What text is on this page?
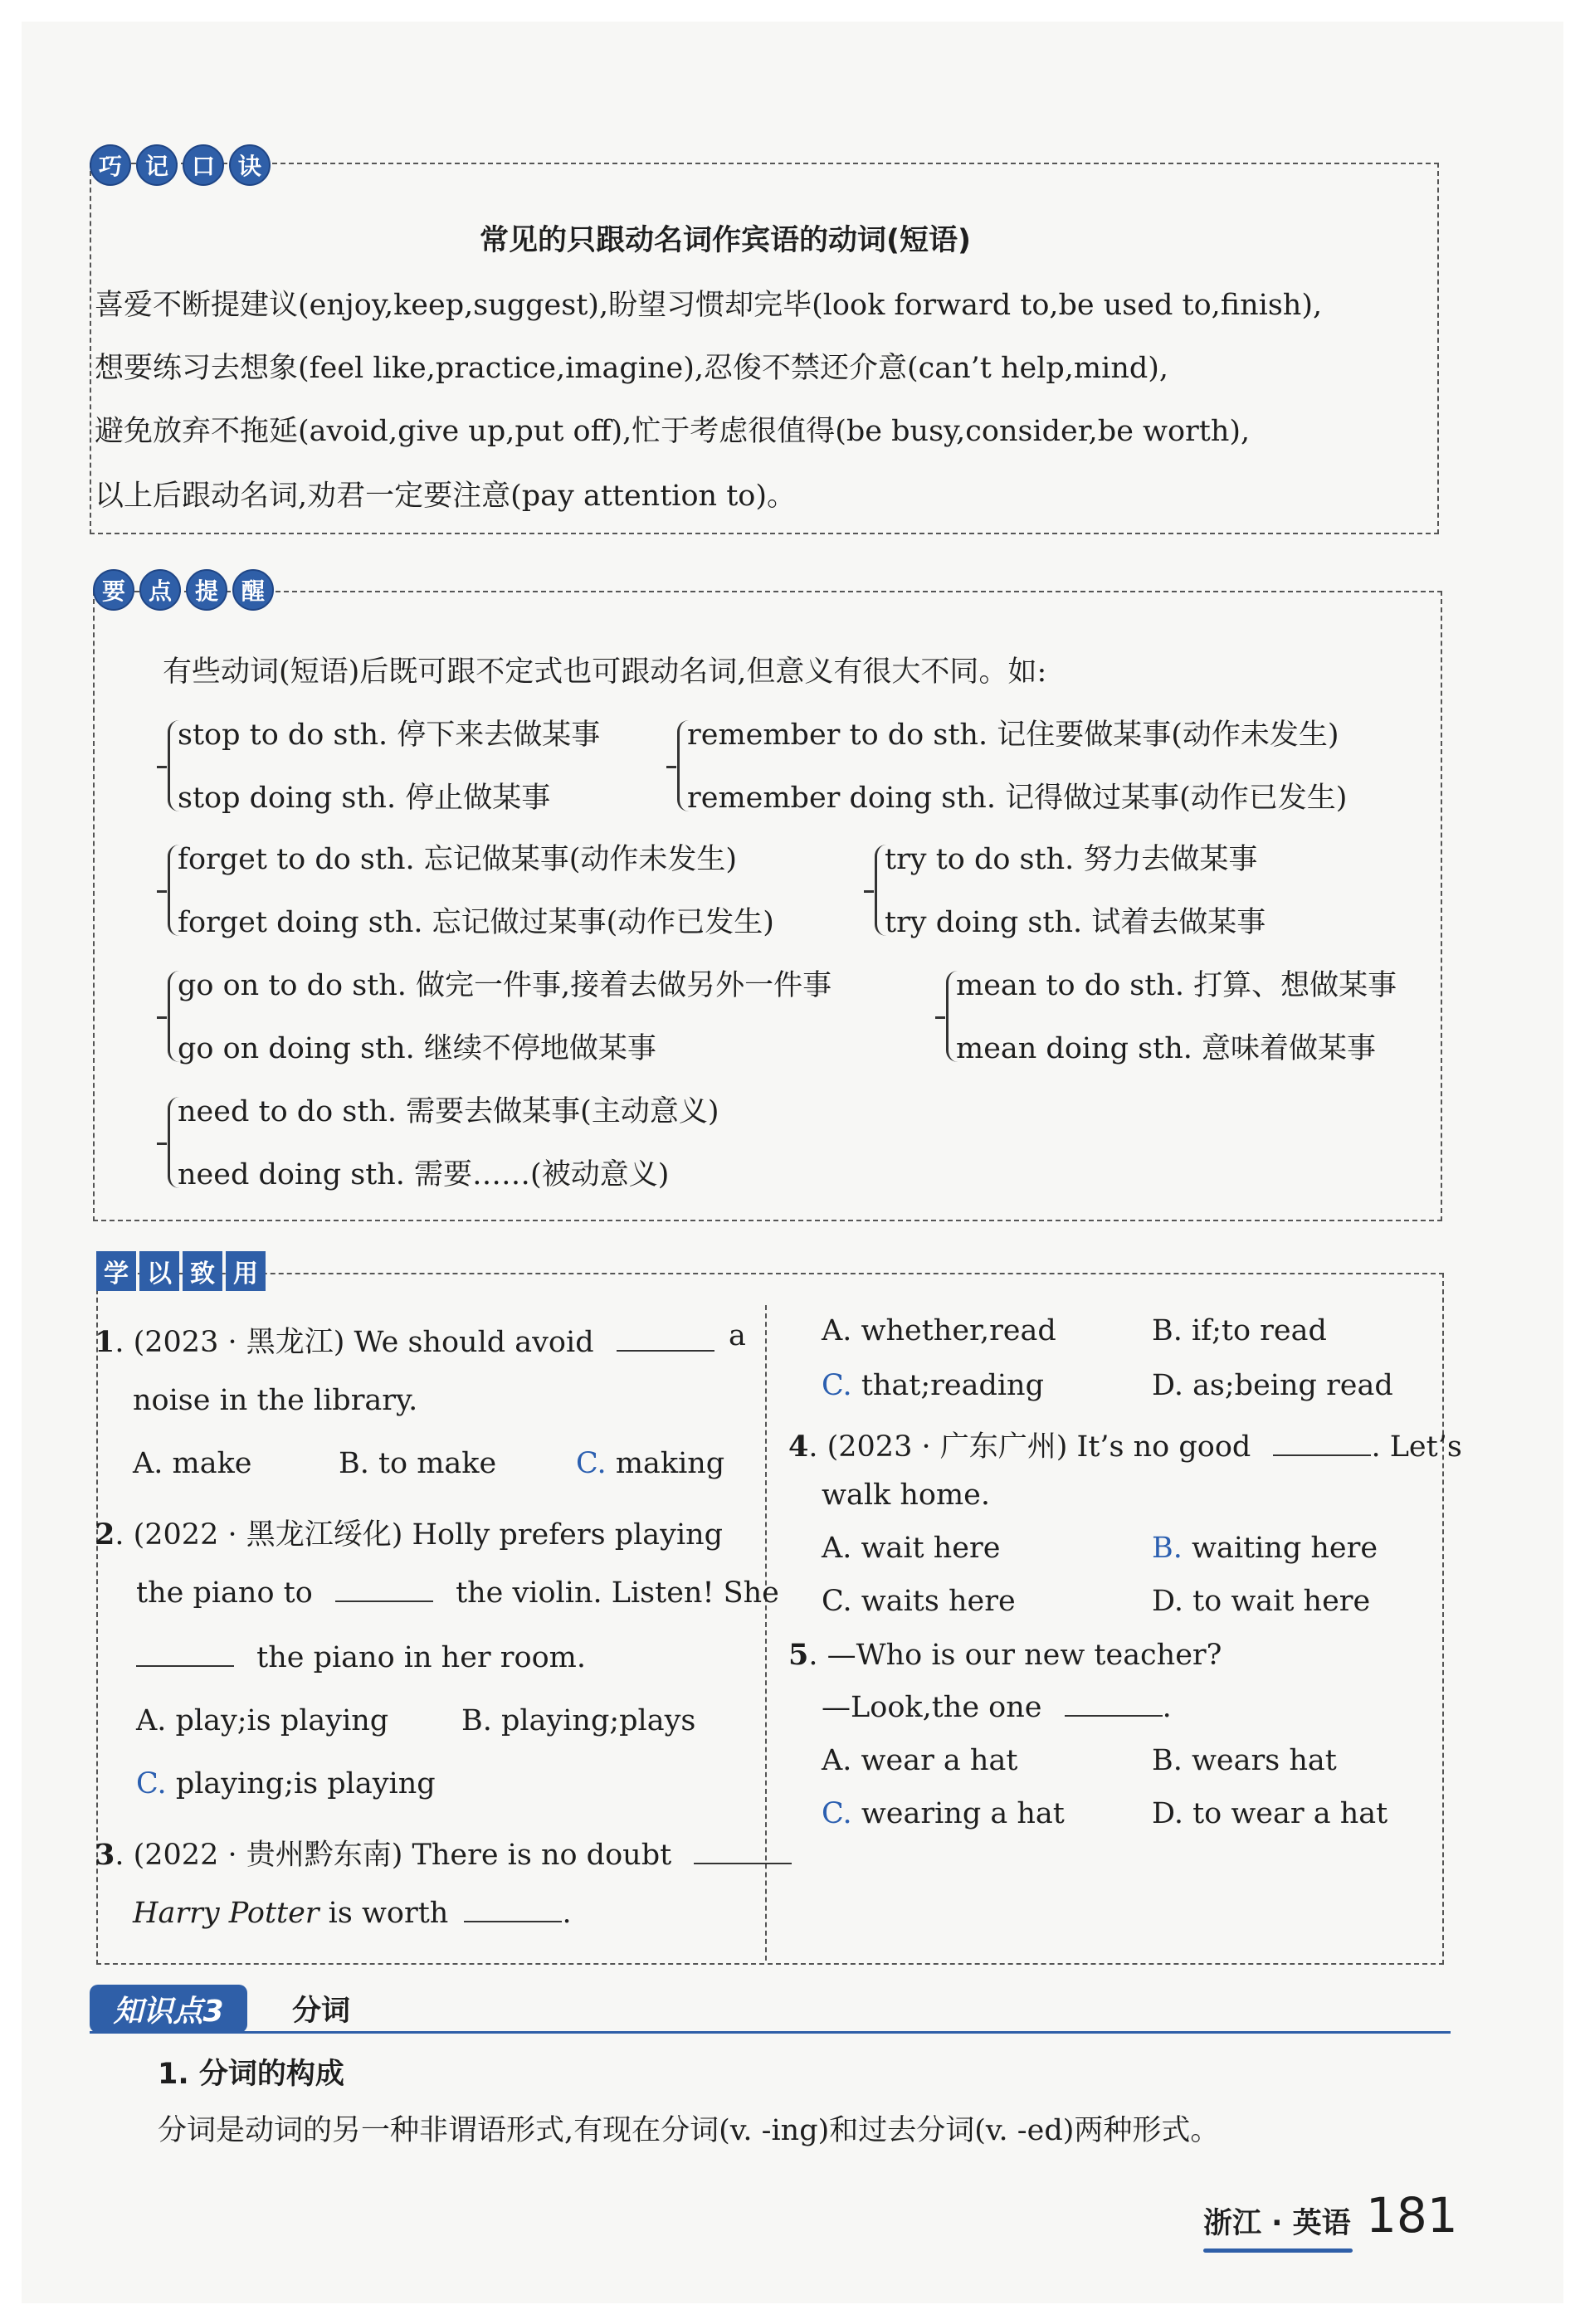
巧 记 口 诀
常见的只跟动名词作宾语的动词(短语)
喜爱不断提建议(enjoy,keep,suggest),盼望习惯却完毕(look forward to,be used to,finish),
想要练习去想象(feel like,practice,imagine),忍俊不禁还介意(can’t help,mind),
避免放弃不拖延(avoid,give up,put off),忙于考虑很值得(be busy,consider,be worth),
以上后跟动名词,劝君一定要注意(pay attention to)。
要 点 提 醒
有些动词(短语)后既可跟不定式也可跟动名词,但意义有很大不同。如:
stop to do sth. 停下来去做某事
stop doing sth. 停止做某事
remember to do sth. 记住要做某事(动作未发生)
remember doing sth. 记得做过某事(动作已发生)
forget to do sth. 忘记做某事(动作未发生)
forget doing sth. 忘记做过某事(动作已发生)
try to do sth. 努力去做某事
try doing sth. 试着去做某事
go on to do sth. 做完一件事,接着去做另外一件事
go on doing sth. 继续不停地做某事
mean to do sth. 打算、想做某事
mean doing sth. 意味着做某事
need to do sth. 需要去做某事(主动意义)
need doing sth. 需要……(被动意义)
学 以 致 用
1. (2023 · 黑龙江) We should avoid	a
noise in the library.
A. make	B. to make	C. making
2. (2022 · 黑龙江绥化) Holly prefers playing
the piano to	the violin. Listen! She
the piano in her room.
A. play;is playing	B. playing;plays
C. playing;is playing
3. (2022 · 贵州黔东南) There is no doubt
Harry Potter is worth	.
A. whether,read	B. if;to read
C. that;reading	D. as;being read
4. (2023 · 广东广州) It’s no good	. Let’s
walk home.
A. wait here	B. waiting here
C. waits here	D. to wait here
5. —Who is our new teacher?
—Look,the one	.
A. wear a hat	B. wears hat
C. wearing a hat	D. to wear a hat
知识点3	分词
1. 分词的构成
分词是动词的另一种非谓语形式,有现在分词(v. -ing)和过去分词(v. -ed)两种形式。
浙江 · 英语 181
